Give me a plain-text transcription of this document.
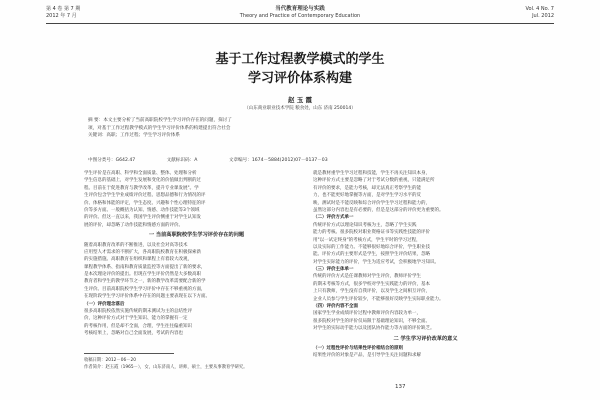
第 4 卷 第 7 期
2012 年 7 月
当代教育理论与实践
Theory and Practice of Contemporary Education
Vol. 4 No. 7
Jul. 2012
基于工作过程教学模式的学生
学习评价体系构建
赵 玉 霞
（山东商业职业技术学院 粮食处，山东 济南 250014）
摘 要：本文主要分析了当前高职院校学生学习评价存在的问题，探讨了
项，对基于工作过程教学模式的学生学习评价体系的构建提出符合社会
关键词：高职；工作过程；学生学习评价体系
中图分类号：G642.47	文献标识码：A	文章编号：1674－5884(2012)07－0137－03
学生评价是在高职、科学和全面质量、整体、处理和分析
学生信息的基础上，对学生发展和变化的价值做出判断的过
程。目前在于促进教育与教学改革，提升专业课发展"。学
生评价包含学生学业成绩评价过程、思想品德和行为情况的评
价、体格和体能的评定，学生态度、兴趣和个性心理特征的评
价等多方面。一般概括为认知、情感、动作技能等3个领域
的评价。但这一直以来，我国学生评价侧重于对学生认知发
展的评价，却忽略了动作技能和情感方面的评价。
一 当前高职院校学生学习评价存在的问题
随着高职教育改革的不断推进，以及社会对高等技术
应用型人才需求的不断扩大，各高职院校教育在积极探索新
的实施措施。高职教育在组织和课程上有着较大改观，
课程教学体系、指南和教育质量监控等方面提出了新的要求，
是本次理论评价的提出。但现在学生评价仍然是大多数高职
教育者和学生的教学环节之一，新的教学改革需要配合新的学
生评价。目前高职院校学生学习评价中存在不够重视的方面，
在现阶段学生学习评价体系中存在的问题主要表现在以下方面。
（一）评价理念落后
很多高职院校依然实施传统的期末测试为主的总结性评
价，这种评价方式对于学生知识、能力的掌握有一定
的考核作用，但是却不全面，合理，学生往往偏重知识
考核结果上，忽略对自己全面发展，考试的内容也
就是教材重学生学习过程和技能，学生不再关注知识本身，
这种评价方式主要是忽略了对于考试分数的重视，只能满足所
有评价的要求，是能力考核，却无法真正考察学生的能
力，也不能更好地掌握等方面，是对学生学习水平的反
映，测试时是不能反映和综合评价学生学习过程和能力的，
虽然这部分内容也是有必要的，但是是这部分的评价更为重要的。
（二）评价方式单一
传统评价方式以理论知识考核为主，忽略了学生实践
能力的考核。很多院校对职业资格证书等实践性技能的评价
用"以一试定终身"的考核方式，学生平时的学习过程，
以及实际的工作能力。不能够很好地综合评价，学生职业技
能。评价方式的主要形式是学生，按照学生评价结果，忽略
对学生实际能力的评价，学生为适应考试，会积极地学习知识。
（三）评价主体单一
传统的评价方式是任课教师对学生评价，教师评价学生
的期末考核等方式，很多学校对学生实践能力的评价，基本
上只有教师，学生没有自我评价，以及学生之间相互评价，
企业人员参与学生评价较少，不能够很好反映学生实际职业能力。
（四）评价内容不全面
国家学生学业成绩评价过程中教师评价内容较为单一，
很多院校对学生的评价仅局限于基础理论知识，不够全面。
对学生的实际动手能力以及团队协作能力等方面的评价缺乏。
二 学生学习评价改革的意义
（一）过程性评价与结果性评价相结合的原则
结果性评价的对象是产品，是引导学生关注问题和求解
收稿日期：2012－06－20
作者简介：赵玉霞（1965－），女，山东济南人，讲师，硕士，主要从事教育学研究。
137
